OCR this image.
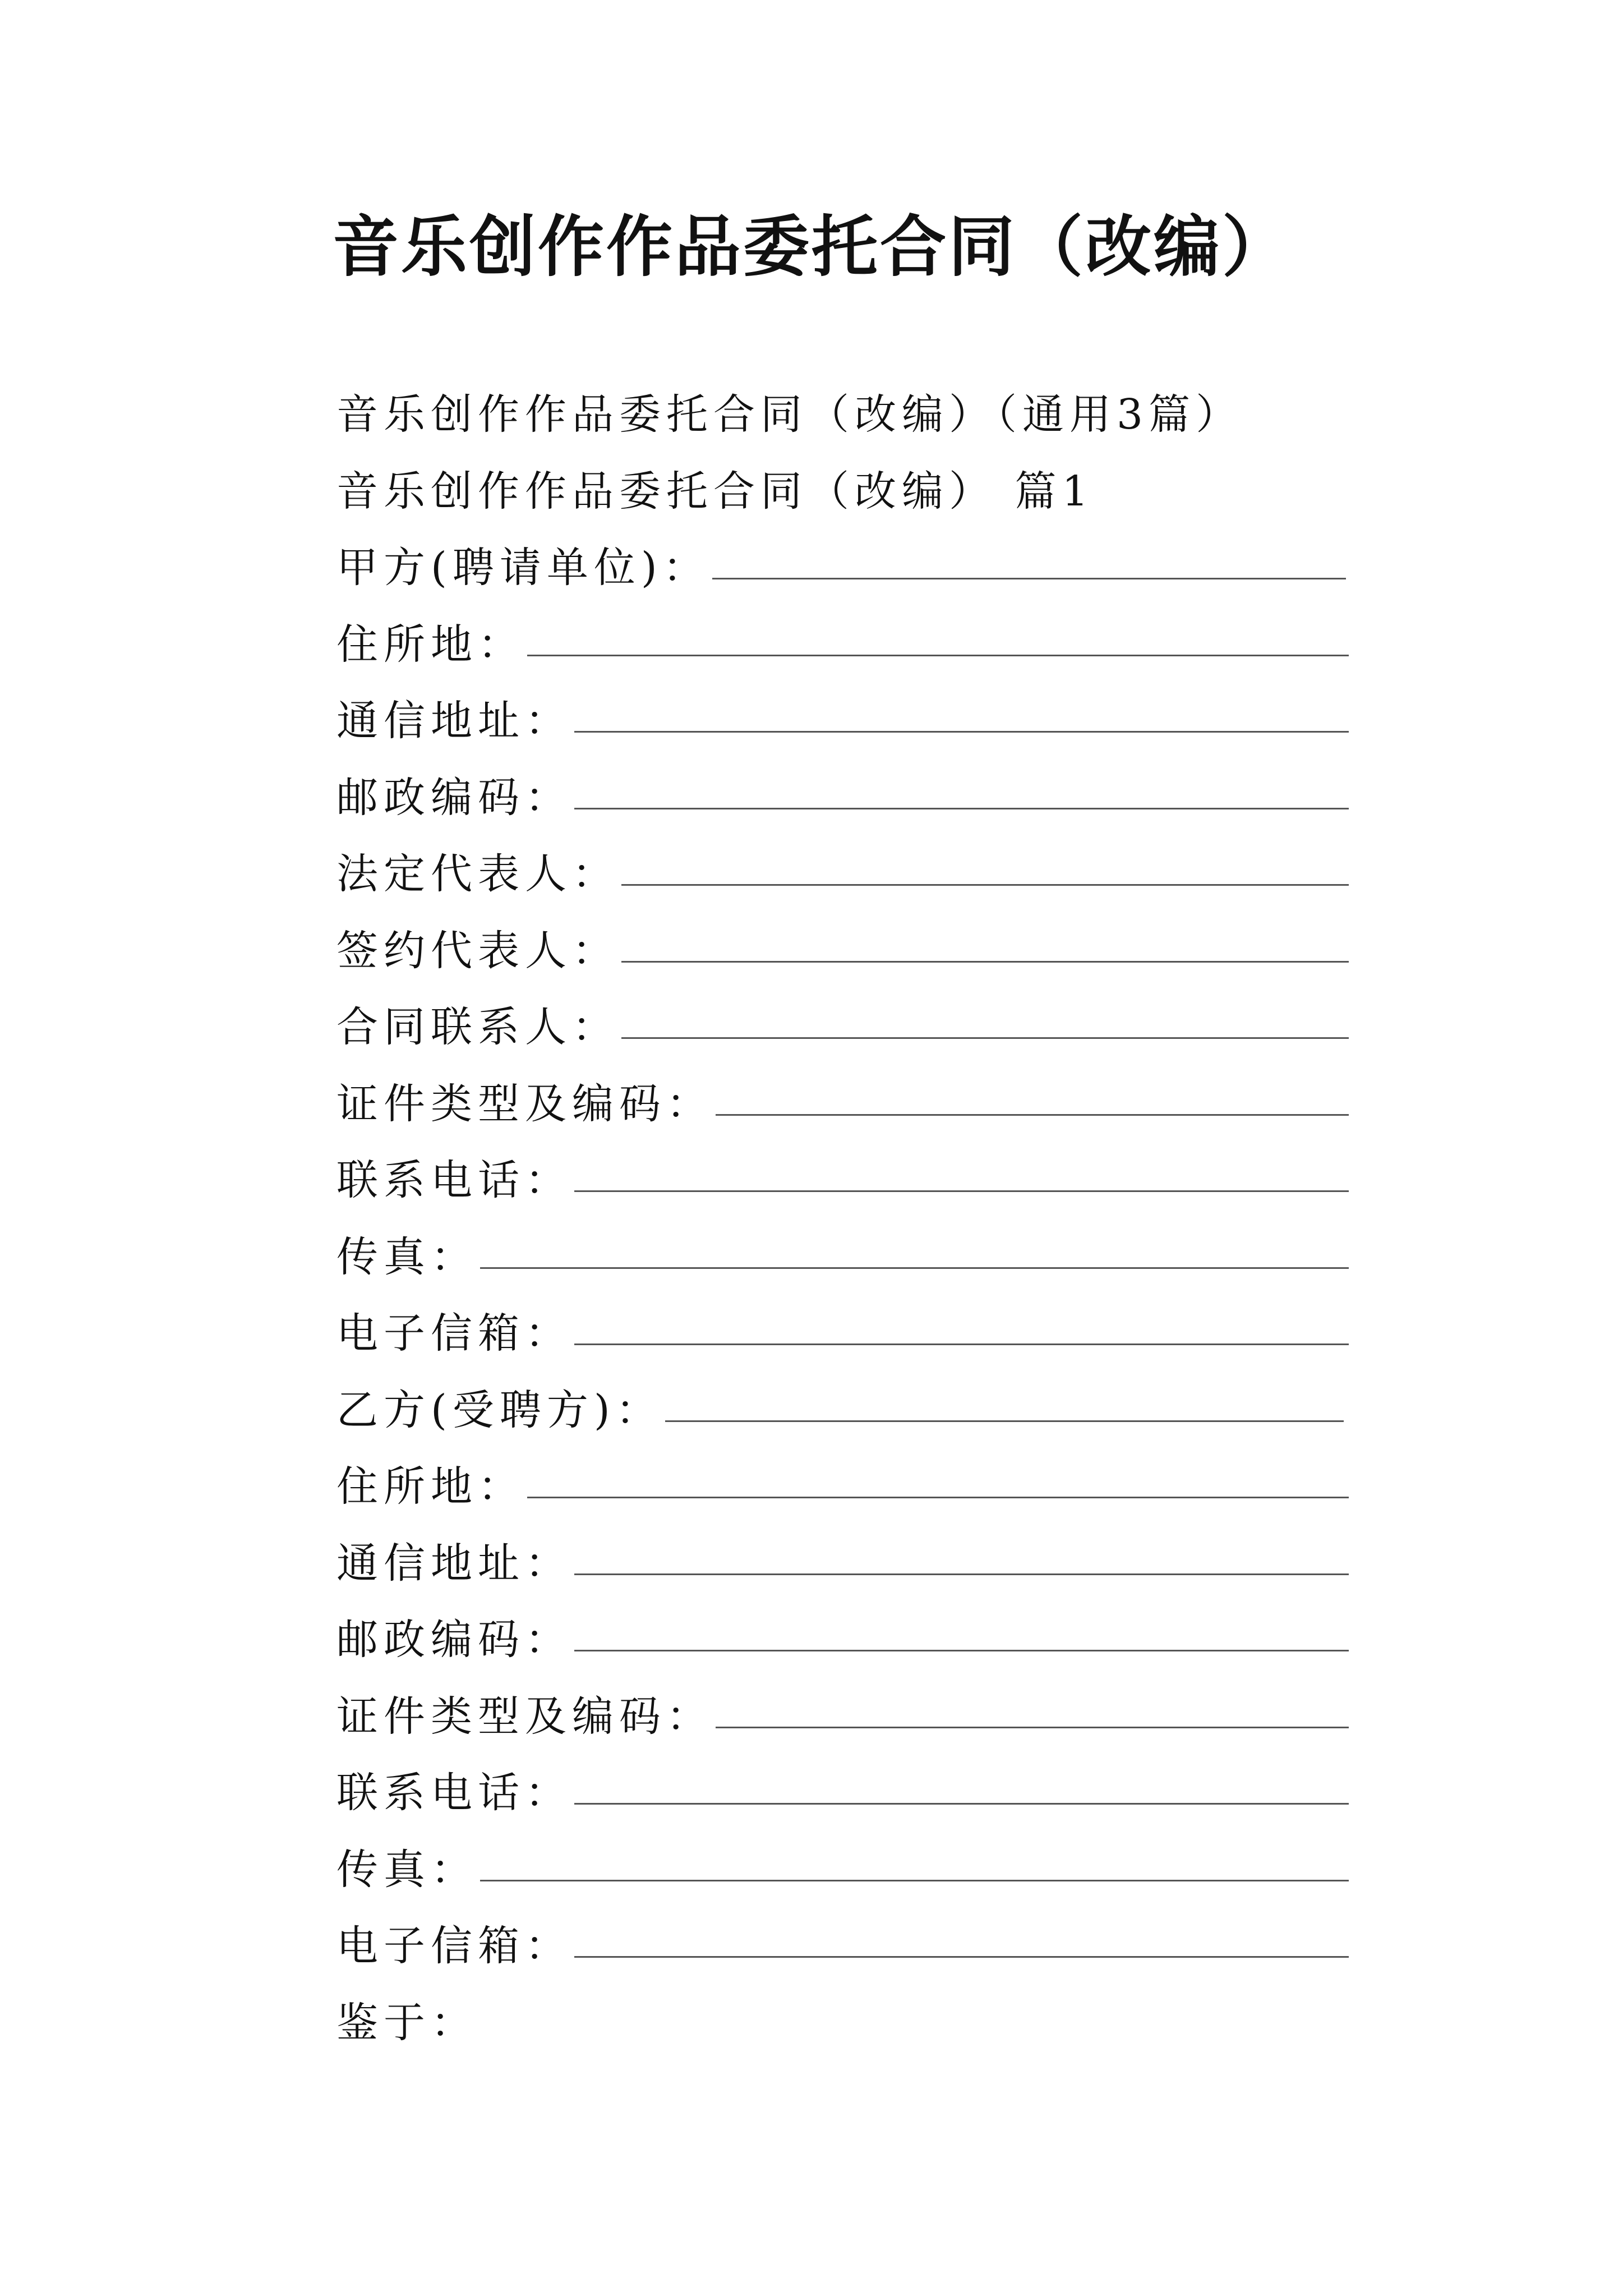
音乐创作作品委托合同（改编）
音乐创作作品委托合同（改编）（通用3篇）
音乐创作作品委托合同（改编） 篇1
甲方(聘请单位)：
住所地：
通信地址：
邮政编码：
法定代表人：
签约代表人：
合同联系人：
证件类型及编码：
联系电话：
传真：
电子信箱：
乙方(受聘方)：
住所地：
通信地址：
邮政编码：
证件类型及编码：
联系电话：
传真：
电子信箱：
鉴于：
